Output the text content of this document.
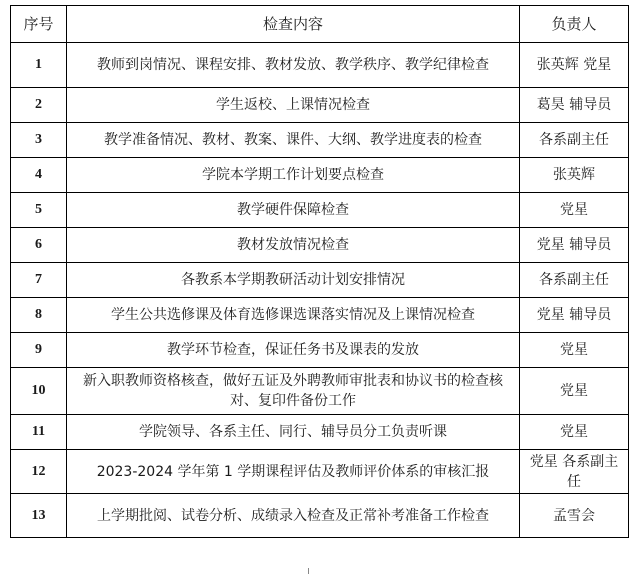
序号	检查内容	负责人
1	教师到岗情况、课程安排、教材发放、教学秩序、教学纪律检查	张英辉 党星
2	学生返校、上课情况检查	葛昊 辅导员
3	教学准备情况、教材、教案、课件、大纲、教学进度表的检查	各系副主任
4	学院本学期工作计划要点检查	张英辉
5	教学硬件保障检查	党星
6	教材发放情况检查	党星 辅导员
7	各教系本学期教研活动计划安排情况	各系副主任
8	学生公共选修课及体育选修课选课落实情况及上课情况检查	党星 辅导员
9	教学环节检查，保证任务书及课表的发放	党星
10	新入职教师资格核查，做好五证及外聘教师审批表和协议书的检查核对、复印件备份工作	党星
11	学院领导、各系主任、同行、辅导员分工负责听课	党星
12	2023-2024 学年第 1 学期课程评估及教师评价体系的审核汇报	党星 各系副主任
13	上学期批阅、试卷分析、成绩录入检查及正常补考准备工作检查	孟雪会
